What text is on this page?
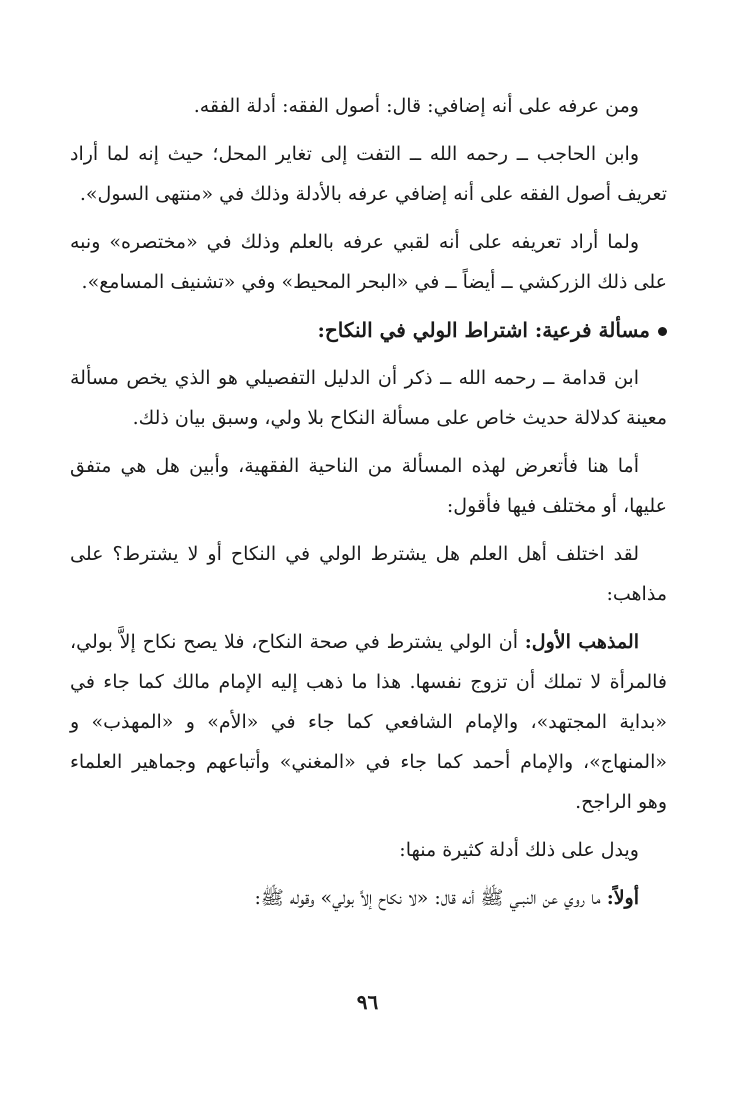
ومن عرفه على أنه إضافي: قال: أصول الفقه: أدلة الفقه.

وابن الحاجب ــ رحمه الله ــ التفت إلى تغاير المحل؛ حيث إنه لما أراد تعريف أصول الفقه على أنه إضافي عرفه بالأدلة وذلك في «منتهى السول».

ولما أراد تعريفه على أنه لقبي عرفه بالعلم وذلك في «مختصره» ونبه على ذلك الزركشي ــ أيضاً ــ في «البحر المحيط» وفي «تشنيف المسامع».

مسألة فرعية: اشتراط الولي في النكاح:

ابن قدامة ــ رحمه الله ــ ذكر أن الدليل التفصيلي هو الذي يخص مسألة معينة كدلالة حديث خاص على مسألة النكاح بلا ولي، وسبق بيان ذلك.

أما هنا فأتعرض لهذه المسألة من الناحية الفقهية، وأبين هل هي متفق عليها، أو مختلف فيها فأقول:

لقد اختلف أهل العلم هل يشترط الولي في النكاح أو لا يشترط؟ على مذاهب:

المذهب الأول: أن الولي يشترط في صحة النكاح، فلا يصح نكاح إلاَّ بولي، فالمرأة لا تملك أن تزوج نفسها. هذا ما ذهب إليه الإمام مالك كما جاء في «بداية المجتهد»، والإمام الشافعي كما جاء في «الأم» و «المهذب» و «المنهاج»، والإمام أحمد كما جاء في «المغني» وأتباعهم وجماهير العلماء وهو الراجح.

ويدل على ذلك أدلة كثيرة منها:

أولاً: ما روي عن النبـي ﷺ أنه قال: «لا نكاح إلاَّ بولي» وقوله ﷺ:

٩٦
